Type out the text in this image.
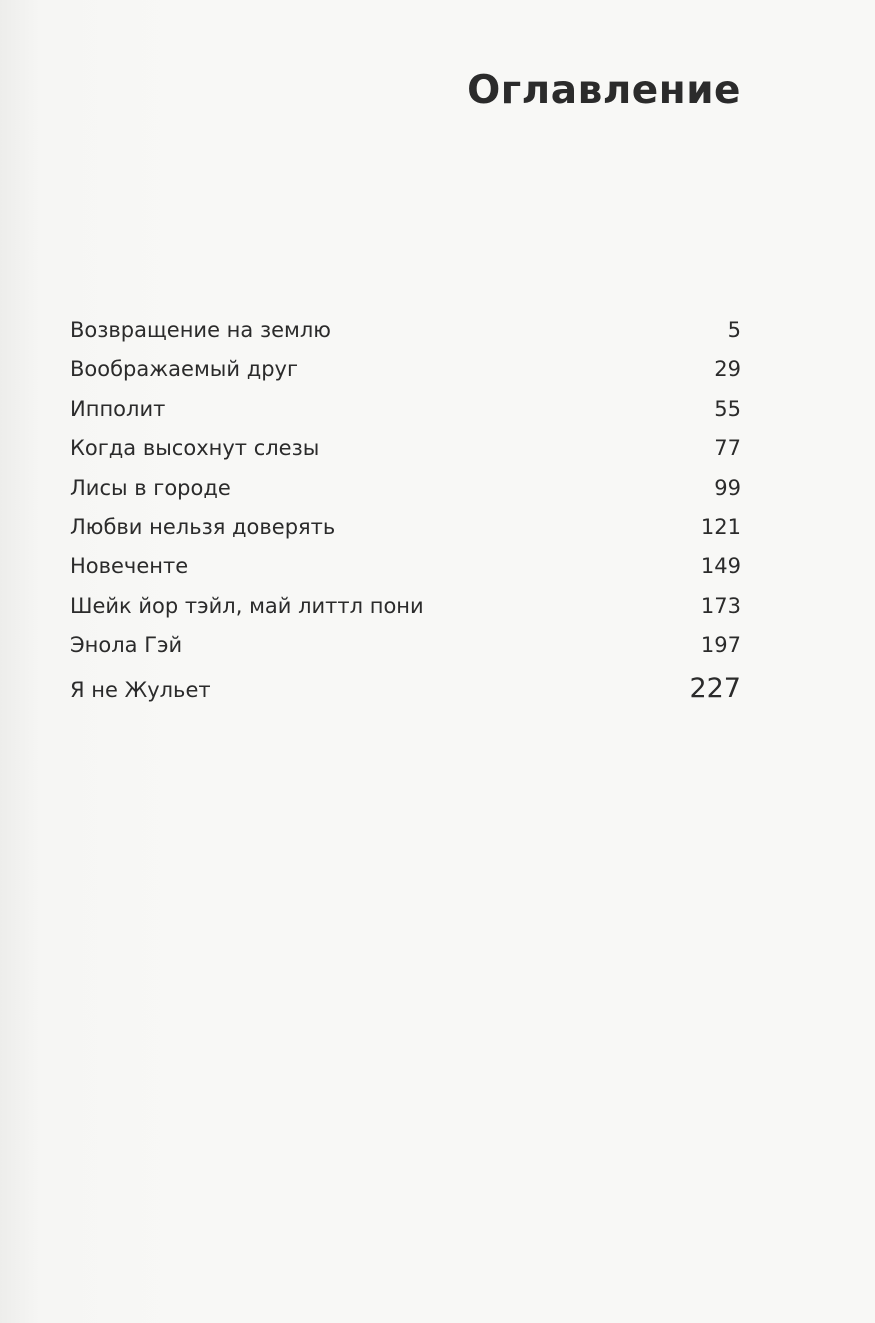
Оглавление
Возвращение на землю	5
Воображаемый друг	29
Ипполит	55
Когда высохнут слезы	77
Лисы в городе	99
Любви нельзя доверять	121
Новеченте	149
Шейк йор тэйл, май литтл пони	173
Энола Гэй	197
Я не Жульет	227
